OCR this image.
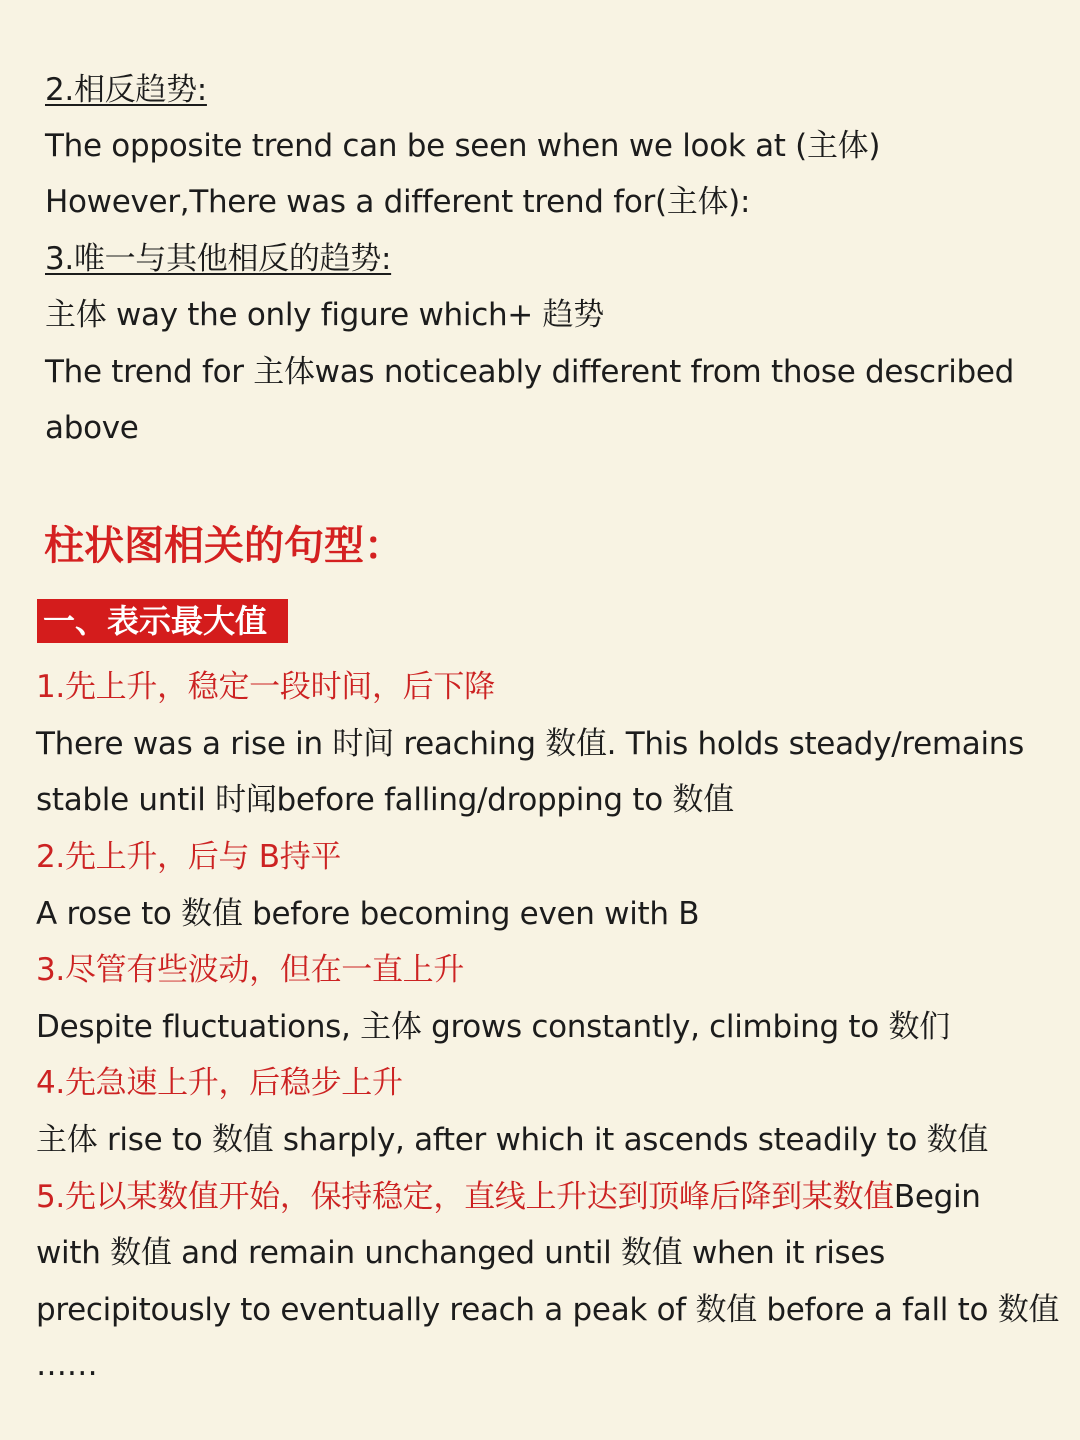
2.相反趋势:
The opposite trend can be seen when we look at (主体)
However,There was a different trend for(主体):
3.唯一与其他相反的趋势:
主体 way the only figure which+ 趋势
The trend for 主体was noticeably different from those described
above
柱状图相关的句型：
一、表示最大值
1.先上升，稳定一段时间，后下降
There was a rise in 时间 reaching 数值. This holds steady/remains
stable until 时闻before falling/dropping to 数值
2.先上升，后与 B持平
A rose to 数值 before becoming even with B
3.尽管有些波动，但在一直上升
Despite fluctuations, 主体 grows constantly, climbing to 数们
4.先急速上升，后稳步上升
主体 rise to 数值 sharply, after which it ascends steadily to 数值
5.先以某数值开始，保持稳定，直线上升达到顶峰后降到某数值Begin
with 数值 and remain unchanged until 数值 when it rises
precipitously to eventually reach a peak of 数值 before a fall to 数值
……
